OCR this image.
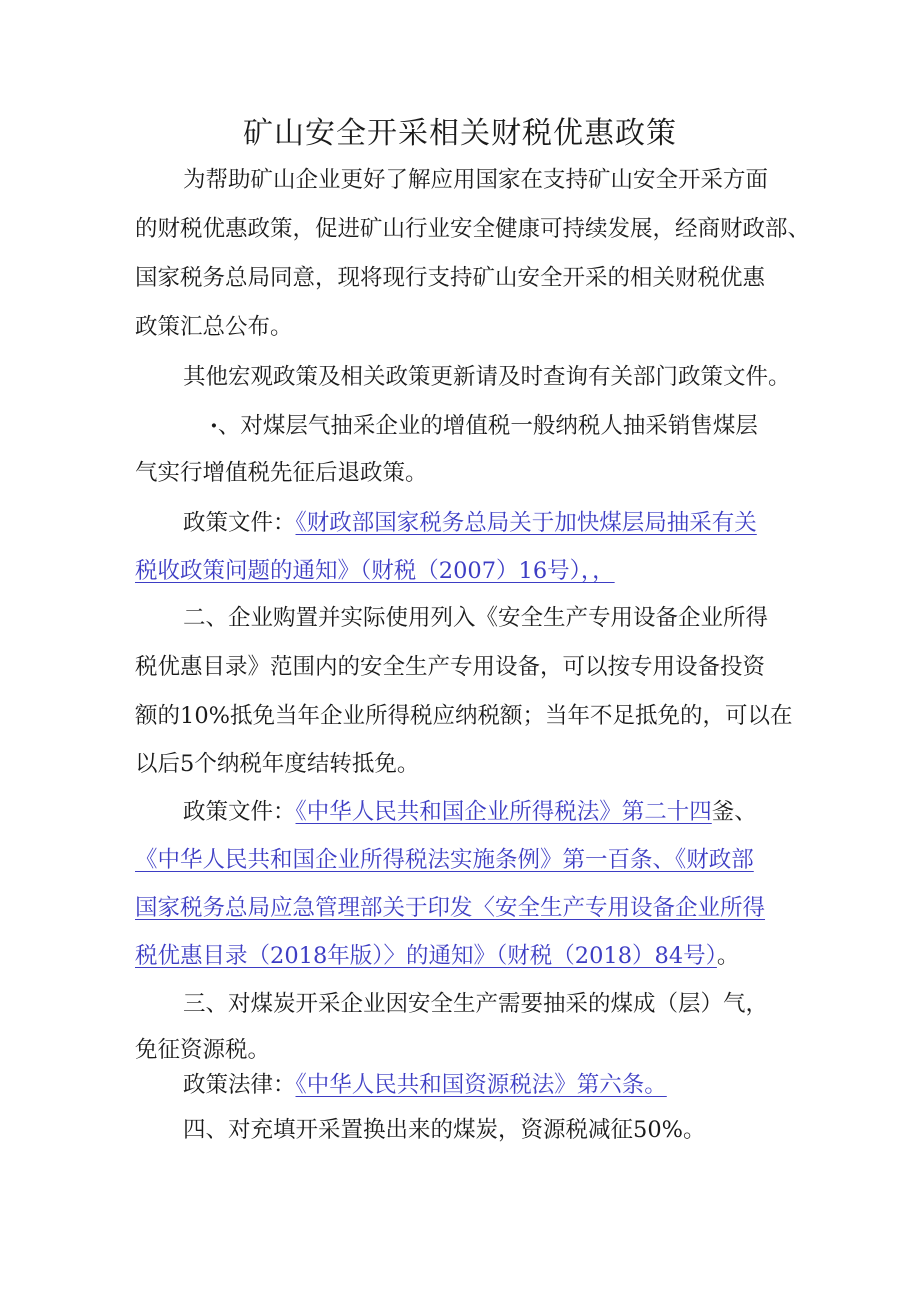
矿山安全开采相关财税优惠政策
为帮助矿山企业更好了解应用国家在支持矿山安全开采方面
的财税优惠政策，促进矿山行业安全健康可持续发展，经商财政部、
国家税务总局同意，现将现行支持矿山安全开采的相关财税优惠
政策汇总公布。
其他宏观政策及相关政策更新请及时查询有关部门政策文件。
·、对煤层气抽采企业的增值税一般纳税人抽采销售煤层
气实行增值税先征后退政策。
政策文件：《财政部国家税务总局关于加快煤层局抽采有关
税收政策问题的通知》（财税（2007）16号），，
二、企业购置并实际使用列入《安全生产专用设备企业所得
税优惠目录》范围内的安全生产专用设备，可以按专用设备投资
额的10%抵免当年企业所得税应纳税额；当年不足抵免的，可以在
以后5个纳税年度结转抵免。
政策文件：《中华人民共和国企业所得税法》第二十四釜、
《中华人民共和国企业所得税法实施条例》第一百条、《财政部
国家税务总局应急管理部关于印发〈安全生产专用设备企业所得
税优惠目录（2018年版）〉的通知》（财税（2018）84号）。
三、对煤炭开采企业因安全生产需要抽采的煤成（层）气，
免征资源税。
政策法律：《中华人民共和国资源税法》第六条。
四、对充填开采置换出来的煤炭，资源税减征50%。
